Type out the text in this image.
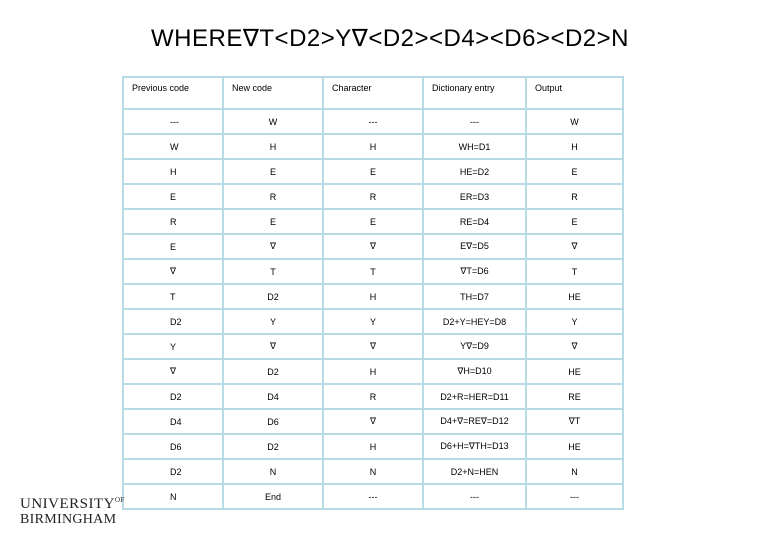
WHERE∇T<D2>Y∇<D2><D4><D6><D2>N
Previous code	New code	Character	Dictionary entry	Output
---	W	---	---	W
W	H	H	WH=D1	H
H	E	E	HE=D2	E
E	R	R	ER=D3	R
R	E	E	RE=D4	E
E	∇	∇	E∇=D5	∇
∇	T	T	∇T=D6	T
T	D2	H	TH=D7	HE
D2	Y	Y	D2+Y=HEY=D8	Y
Y	∇	∇	Y∇=D9	∇
∇	D2	H	∇H=D10	HE
D2	D4	R	D2+R=HER=D11	RE
D4	D6	∇	D4+∇=RE∇=D12	∇T
D6	D2	H	D6+H=∇TH=D13	HE
D2	N	N	D2+N=HEN	N
N	End	---	---	---
$UNIVERSITY^{OF}$
BIRMINGHAM
